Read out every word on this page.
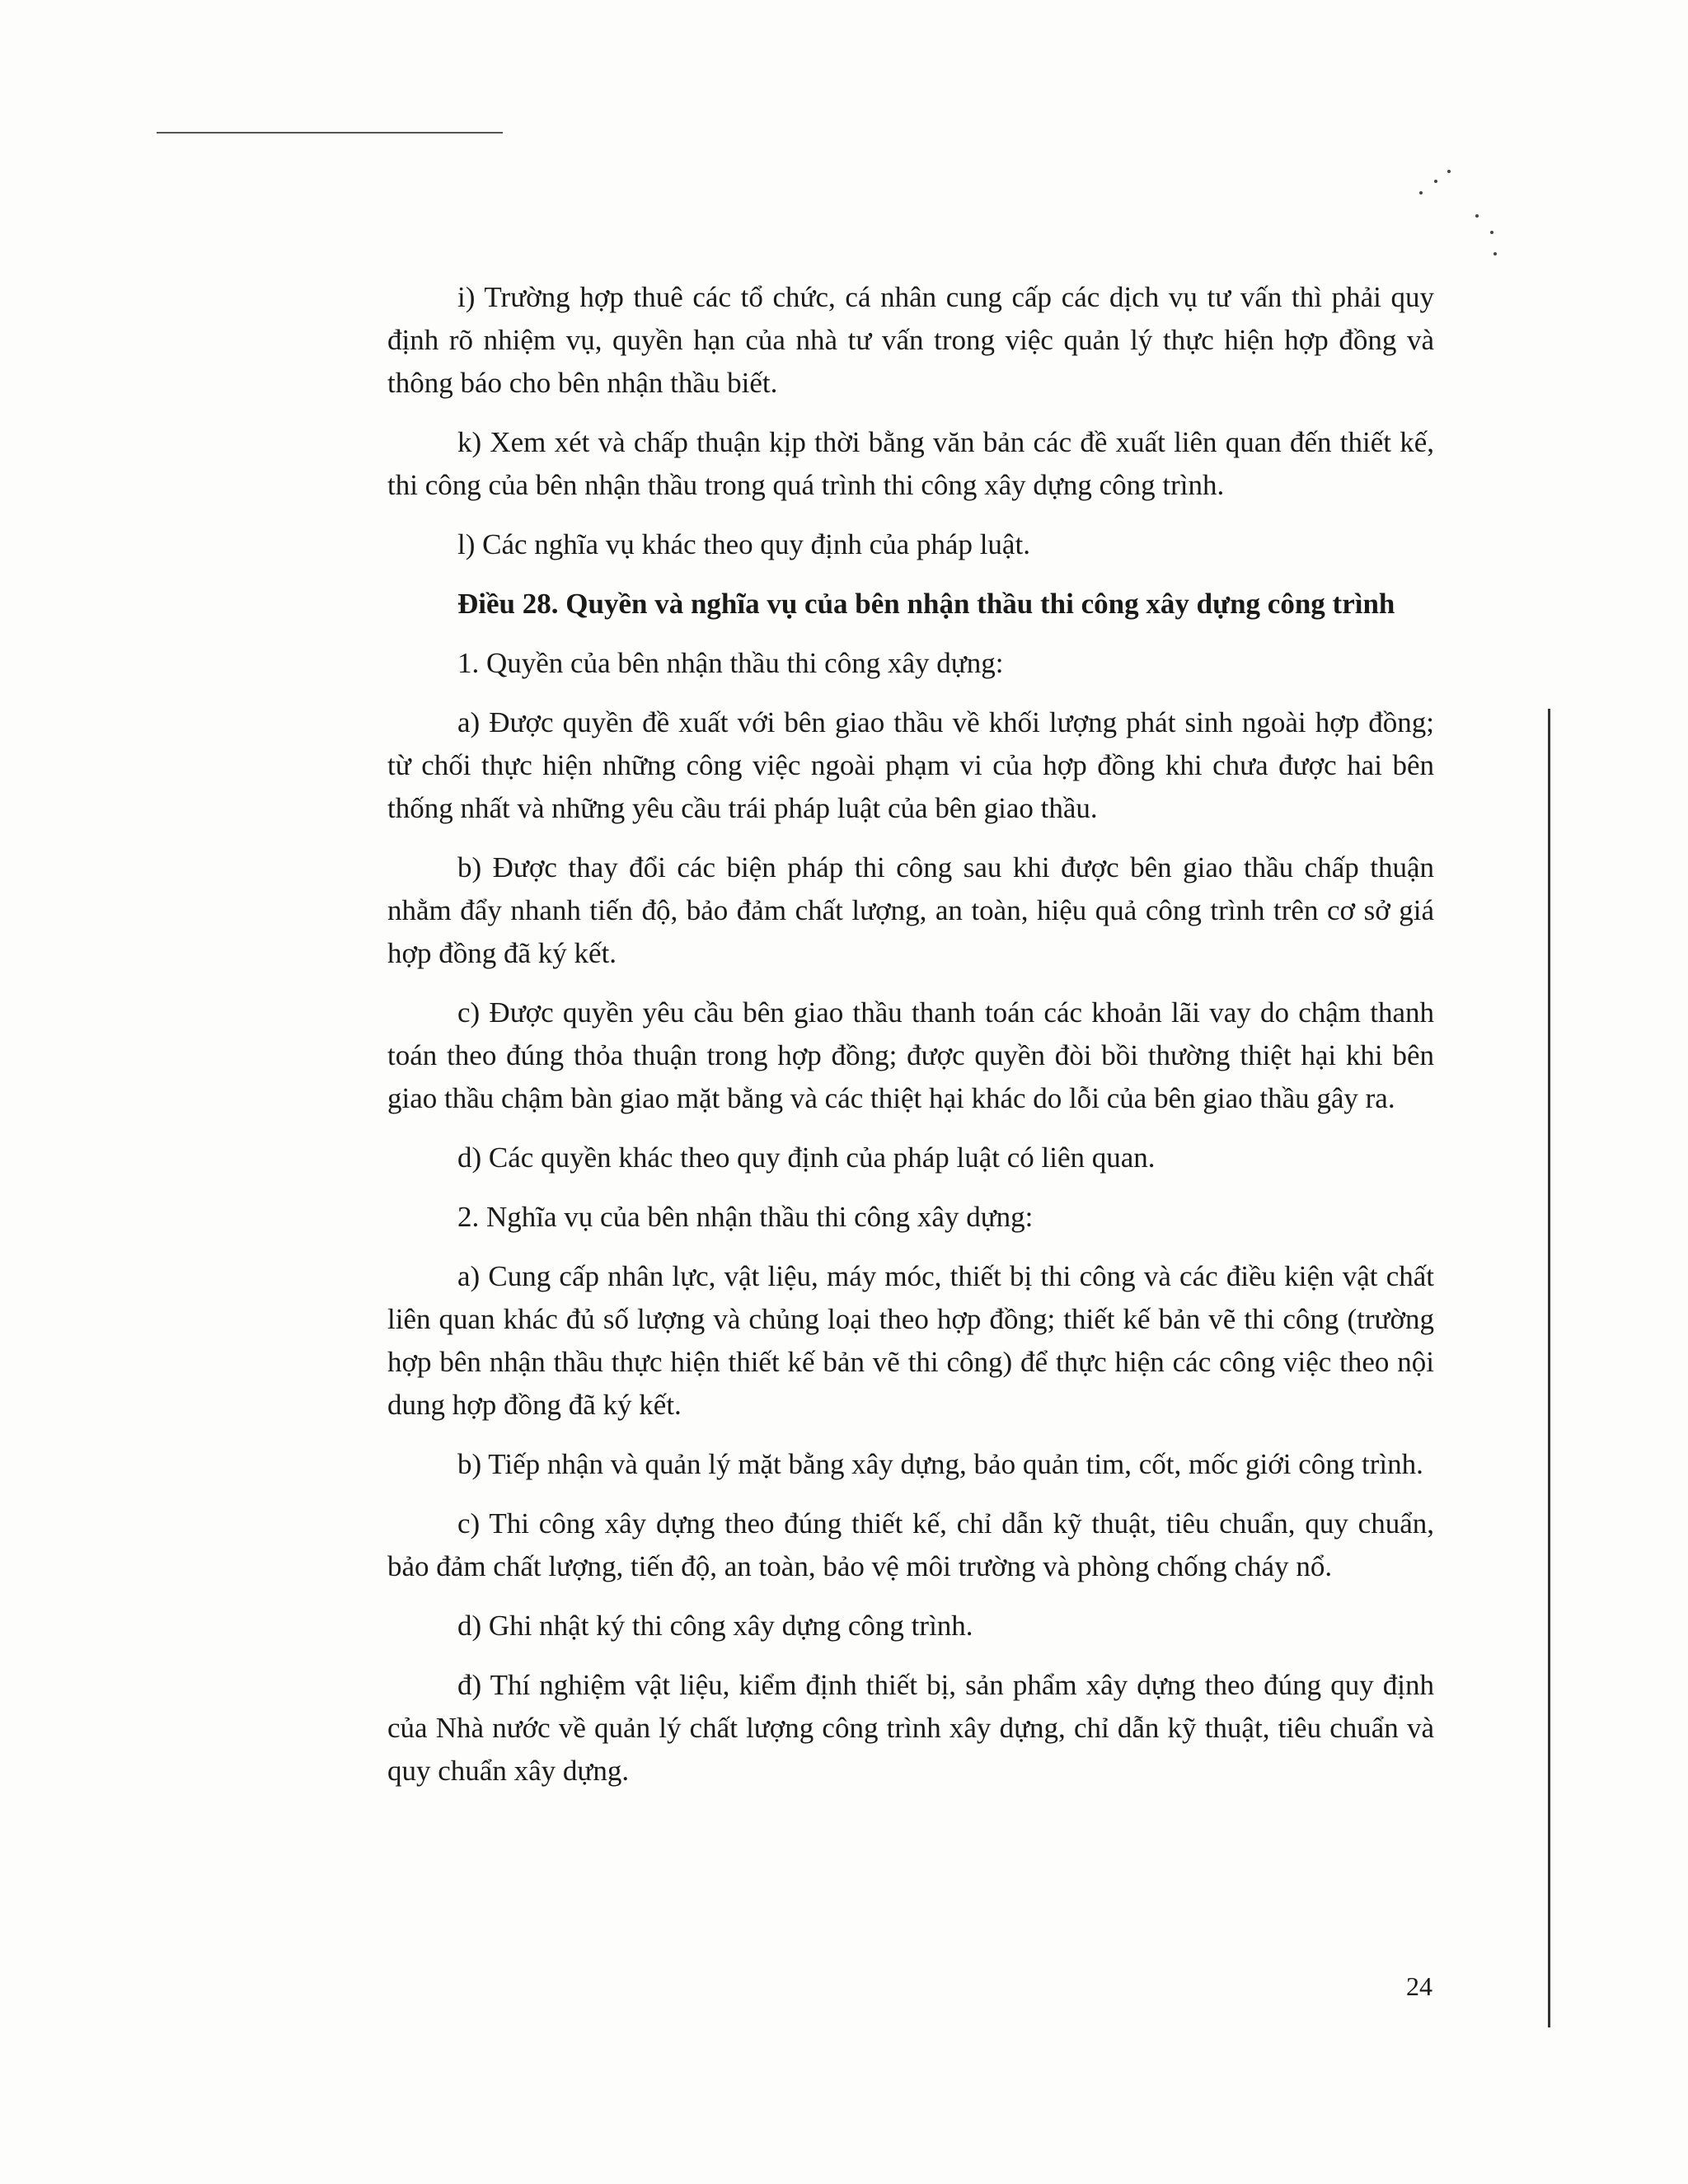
i) Trường hợp thuê các tổ chức, cá nhân cung cấp các dịch vụ tư vấn thì phải quy định rõ nhiệm vụ, quyền hạn của nhà tư vấn trong việc quản lý thực hiện hợp đồng và thông báo cho bên nhận thầu biết.

k) Xem xét và chấp thuận kịp thời bằng văn bản các đề xuất liên quan đến thiết kế, thi công của bên nhận thầu trong quá trình thi công xây dựng công trình.

l) Các nghĩa vụ khác theo quy định của pháp luật.

Điều 28. Quyền và nghĩa vụ của bên nhận thầu thi công xây dựng công trình

1. Quyền của bên nhận thầu thi công xây dựng:

a) Được quyền đề xuất với bên giao thầu về khối lượng phát sinh ngoài hợp đồng; từ chối thực hiện những công việc ngoài phạm vi của hợp đồng khi chưa được hai bên thống nhất và những yêu cầu trái pháp luật của bên giao thầu.

b) Được thay đổi các biện pháp thi công sau khi được bên giao thầu chấp thuận nhằm đẩy nhanh tiến độ, bảo đảm chất lượng, an toàn, hiệu quả công trình trên cơ sở giá hợp đồng đã ký kết.

c) Được quyền yêu cầu bên giao thầu thanh toán các khoản lãi vay do chậm thanh toán theo đúng thỏa thuận trong hợp đồng; được quyền đòi bồi thường thiệt hại khi bên giao thầu chậm bàn giao mặt bằng và các thiệt hại khác do lỗi của bên giao thầu gây ra.

d) Các quyền khác theo quy định của pháp luật có liên quan.

2. Nghĩa vụ của bên nhận thầu thi công xây dựng:

a) Cung cấp nhân lực, vật liệu, máy móc, thiết bị thi công và các điều kiện vật chất liên quan khác đủ số lượng và chủng loại theo hợp đồng; thiết kế bản vẽ thi công (trường hợp bên nhận thầu thực hiện thiết kế bản vẽ thi công) để thực hiện các công việc theo nội dung hợp đồng đã ký kết.

b) Tiếp nhận và quản lý mặt bằng xây dựng, bảo quản tim, cốt, mốc giới công trình.

c) Thi công xây dựng theo đúng thiết kế, chỉ dẫn kỹ thuật, tiêu chuẩn, quy chuẩn, bảo đảm chất lượng, tiến độ, an toàn, bảo vệ môi trường và phòng chống cháy nổ.

d) Ghi nhật ký thi công xây dựng công trình.

đ) Thí nghiệm vật liệu, kiểm định thiết bị, sản phẩm xây dựng theo đúng quy định của Nhà nước về quản lý chất lượng công trình xây dựng, chỉ dẫn kỹ thuật, tiêu chuẩn và quy chuẩn xây dựng.

24
